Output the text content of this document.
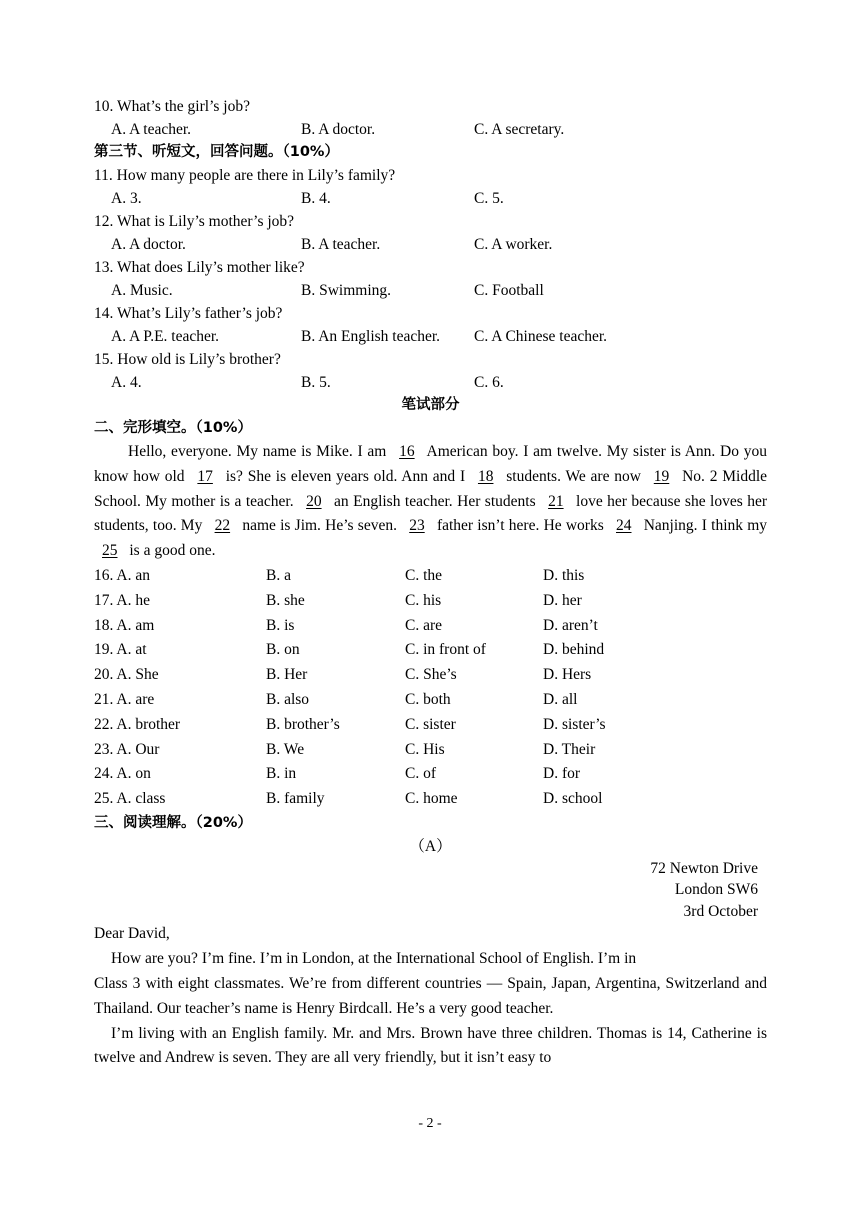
10. What’s the girl’s job?
A. A teacher.	B. A doctor.	C. A secretary.
第三节、听短文，回答问题。（10%）
11. How many people are there in Lily’s family?
A. 3.	B. 4.	C. 5.
12. What is Lily’s mother’s job?
A. A doctor.	B. A teacher.	C. A worker.
13. What does Lily’s mother like?
A. Music.	B. Swimming.	C. Football
14. What’s Lily’s father’s job?
A. A P.E. teacher.	B. An English teacher. C. A Chinese teacher.
15. How old is Lily’s brother?
A. 4.	B. 5.	C. 6.
笔试部分
二、完形填空。（10%）
Hello, everyone. My name is Mike. I am 16 American boy. I am twelve. My sister is Ann. Do you know how old 17 is? She is eleven years old. Ann and I 18 students. We are now 19 No. 2 Middle School. My mother is a teacher. 20 an English teacher. Her students 21 love her because she loves her students, too. My 22 name is Jim. He’s seven. 23 father isn’t here. He works 24 Nanjing. I think my 25 is a good one.
16. A. an	B. a	C. the	D. this
17. A. he	B. she	C. his	D. her
18. A. am	B. is	C. are	D. aren’t
19. A. at	B. on	C. in front of	D. behind
20. A. She	B. Her	C. She’s	D. Hers
21. A. are	B. also	C. both	D. all
22. A. brother	B. brother’s	C. sister	D. sister’s
23. A. Our	B. We	C. His	D. Their
24. A. on	B. in	C. of	D. for
25. A. class	B. family	C. home	D. school
三、阅读理解。（20%）
（A）
72 Newton Drive
London SW6
3rd October
Dear David,
How are you? I’m fine. I’m in London, at the International School of English. I’m in
Class 3 with eight classmates. We’re from different countries — Spain, Japan, Argentina, Switzerland and Thailand. Our teacher’s name is Henry Birdcall. He’s a very good teacher.
I’m living with an English family. Mr. and Mrs. Brown have three children. Thomas is 14, Catherine is twelve and Andrew is seven. They are all very friendly, but it isn’t easy to
- 2 -
